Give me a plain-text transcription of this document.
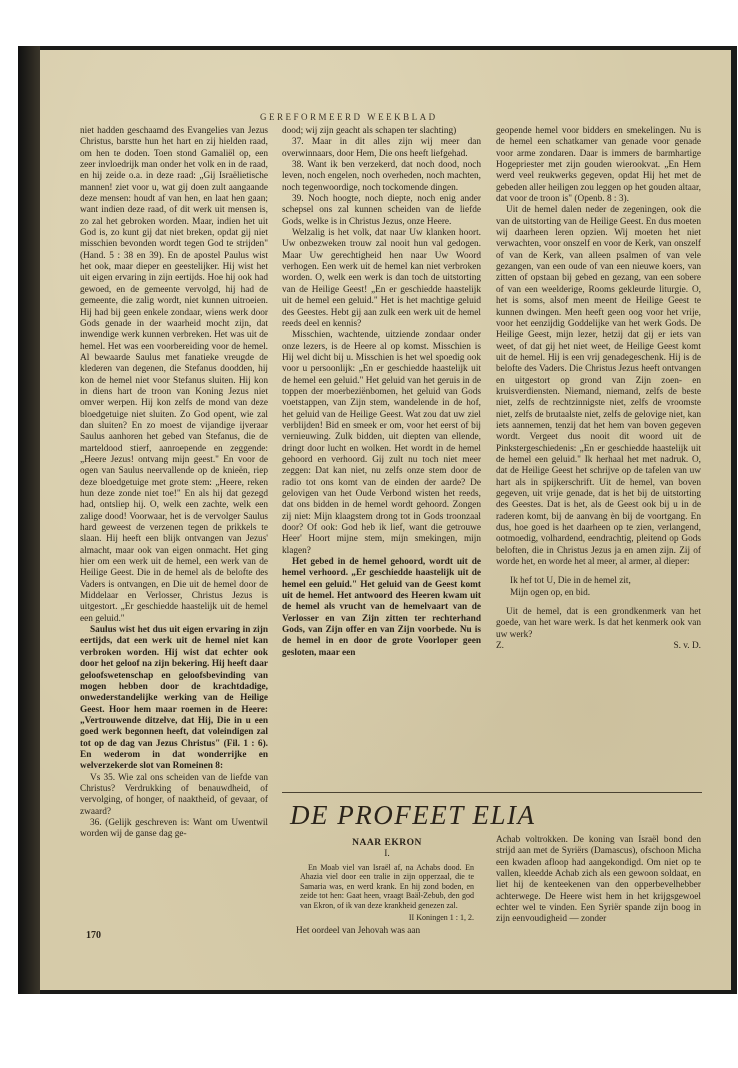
GEREFORMEERD WEEKBLAD

niet hadden geschaamd des Evangelies van Jezus Christus, barstte hun het hart en zij hielden raad, om hen te doden. Toen stond Gamaliël op, een zeer invloedrijk man onder het volk en in de raad, en hij zeide o.a. in deze raad: „Gij Israëlietische mannen! ziet voor u, wat gij doen zult aangaande deze mensen: houdt af van hen, en laat hen gaan; want indien deze raad, of dit werk uit mensen is, zo zal het gebroken worden. Maar, indien het uit God is, zo kunt gij dat niet breken, opdat gij niet misschien bevonden wordt tegen God te strijden" (Hand. 5 : 38 en 39). En de apostel Paulus wist het ook, maar dieper en geestelijker. Hij wist het uit eigen ervaring in zijn eertijds. Hoe hij ook had gewoed, en de gemeente vervolgd, hij had de gemeente, die zalig wordt, niet kunnen uitroeien. Hij had bij geen enkele zondaar, wiens werk door Gods genade in der waarheid mocht zijn, dat inwendige werk kunnen verbreken. Het was uit de hemel. Het was een voorbereiding voor de hemel. Al bewaarde Saulus met fanatieke vreugde de klederen van degenen, die Stefanus doodden, hij kon de hemel niet voor Stefanus sluiten. Hij kon in diens hart de troon van Koning Jezus niet omver werpen. Hij kon zelfs de mond van deze bloedgetuige niet sluiten. Zo God opent, wie zal dan sluiten? En zo moest de vijandige ijveraar Saulus aanhoren het gebed van Stefanus, die de marteldood stierf, aanroepende en zeggende: „Heere Jezus! ontvang mijn geest." En voor de ogen van Saulus neervallende op de knieën, riep deze bloedgetuige met grote stem: „Heere, reken hun deze zonde niet toe!" En als hij dat gezegd had, ontsliep hij. O, welk een zachte, welk een zalige dood! Voorwaar, het is de vervolger Saulus hard geweest de verzenen tegen de prikkels te slaan. Hij heeft een blijk ontvangen van Jezus' almacht, maar ook van eigen onmacht. Het ging hier om een werk uit de hemel, een werk van de Heilige Geest. Die in de hemel als de belofte des Vaders is ontvangen, en Die uit de hemel door de Middelaar en Verlosser, Christus Jezus is uitgestort. „Er geschiedde haastelijk uit de hemel een geluid."

Saulus wist het dus uit eigen ervaring in zijn eertijds, dat een werk uit de hemel niet kan verbroken worden. Hij wist dat echter ook door het geloof na zijn bekering. Hij heeft daar geloofswetenschap en geloofsbevinding van mogen hebben door de krachtdadige, onwederstandelijke werking van de Heilige Geest. Hoor hem maar roemen in de Heere: „Vertrouwende ditzelve, dat Hij, Die in u een goed werk begonnen heeft, dat voleindigen zal tot op de dag van Jezus Christus" (Fil. 1 : 6). En wederom in dat wonderrijke en welverzekerde slot van Romeinen 8:

Vs 35. Wie zal ons scheiden van de liefde van Christus? Verdrukking of benauwdheid, of vervolging, of honger, of naaktheid, of gevaar, of zwaard?

36. (Gelijk geschreven is: Want om Uwentwil worden wij de ganse dag ge-

dood; wij zijn geacht als schapen ter slachting)

37. Maar in dit alles zijn wij meer dan overwinnaars, door Hem, Die ons heeft liefgehad.

38. Want ik ben verzekerd, dat noch dood, noch leven, noch engelen, noch overheden, noch machten, noch tegenwoordige, noch tockomende dingen.

39. Noch hoogte, noch diepte, noch enig ander schepsel ons zal kunnen scheiden van de liefde Gods, welke is in Christus Jezus, onze Heere.

Welzalig is het volk, dat naar Uw klanken hoort. Uw onbezweken trouw zal nooit hun val gedogen. Maar Uw gerechtigheid hen naar Uw Woord verhogen. Een werk uit de hemel kan niet verbroken worden. O, welk een werk is dan toch de uitstorting van de Heilige Geest! „En er geschiedde haastelijk uit de hemel een geluid." Het is het machtige geluid des Geestes. Hebt gij aan zulk een werk uit de hemel reeds deel en kennis?

Misschien, wachtende, uitziende zondaar onder onze lezers, is de Heere al op komst. Misschien is Hij wel dicht bij u. Misschien is het wel spoedig ook voor u persoonlijk: „En er geschiedde haastelijk uit de hemel een geluid." Het geluid van het geruis in de toppen der moerbeziënbomen, het geluid van Gods voetstappen, van Zijn stem, wandelende in de hof, het geluid van de Heilige Geest. Wat zou dat uw ziel verblijden! Bid en smeek er om, voor het eerst of bij vernieuwing. Zulk bidden, uit diepten van ellende, dringt door lucht en wolken. Het wordt in de hemel gehoord en verhoord. Gij zult nu toch niet meer zeggen: Dat kan niet, nu zelfs onze stem door de radio tot ons komt van de einden der aarde? De gelovigen van het Oude Verbond wisten het reeds, dat ons bidden in de hemel wordt gehoord. Zongen zij niet: Mijn klaagstem drong tot in Gods troonzaal door? Of ook: God heb ik lief, want die getrouwe Heer' Hoort mijne stem, mijn smekingen, mijn klagen?

Het gebed in de hemel gehoord, wordt uit de hemel verhoord. „Er geschiedde haastelijk uit de hemel een geluid." Het geluid van de Geest komt uit de hemel. Het antwoord des Heeren kwam uit de hemel als vrucht van de hemelvaart van de Verlosser en van Zijn zitten ter rechterhand Gods, van Zijn offer en van Zijn voorbede. Nu is de hemel in en door de grote Voorloper geen gesloten, maar een

geopende hemel voor bidders en smekelingen. Nu is de hemel een schatkamer van genade voor genade voor arme zondaren. Daar is immers de barmhartige Hogepriester met zijn gouden wierookvat. „En Hem werd veel reukwerks gegeven, opdat Hij het met de gebeden aller heiligen zou leggen op het gouden altaar, dat voor de troon is" (Openb. 8 : 3).

Uit de hemel dalen neder de zegeningen, ook die van de uitstorting van de Heilige Geest. En dus moeten wij daarheen leren opzien. Wij moeten het niet verwachten, voor onszelf en voor de Kerk, van onszelf of van de Kerk, van alleen psalmen of van vele gezangen, van een oude of van een nieuwe koers, van zitten of opstaan bij gebed en gezang, van een sobere of van een weelderige, Rooms gekleurde liturgie. O, het is soms, alsof men meent de Heilige Geest te kunnen dwingen. Men heeft geen oog voor het vrije, voor het eenzijdig Goddelijke van het werk Gods. De Heilige Geest, mijn lezer, hetzij dat gij er iets van weet, of dat gij het niet weet, de Heilige Geest komt uit de hemel. Hij is een vrij genadegeschenk. Hij is de belofte des Vaders. Die Christus Jezus heeft ontvangen en uitgestort op grond van Zijn zoen- en kruisverdiensten. Niemand, niemand, zelfs de beste niet, zelfs de rechtzinnigste niet, zelfs de vroomste niet, zelfs de brutaalste niet, zelfs de gelovige niet, kan iets aannemen, tenzij dat het hem van boven gegeven wordt. Vergeet dus nooit dit woord uit de Pinkstergeschiedenis: „En er geschiedde haastelijk uit de hemel een geluid." Ik herhaal het met nadruk. O, dat de Heilige Geest het schrijve op de tafelen van uw hart als in spijkerschrift. Uit de hemel, van boven gegeven, uit vrije genade, dat is het bij de uitstorting des Geestes. Dat is het, als de Geest ook bij u in de raderen komt, bij de aanvang èn bij de voortgang. En dus, hoe goed is het daarheen op te zien, verlangend, ootmoedig, volhardend, eendrachtig, pleitend op Gods beloften, die in Christus Jezus ja en amen zijn. Zij of worde het, en worde het al meer, al armer, al dieper:

Ik hef tot U, Die in de hemel zit,
Mijn ogen op, en bid.

Uit de hemel, dat is een grondkenmerk van het goede, van het ware werk. Is dat het kenmerk ook van uw werk?

Z.	S. v. D.

DE PROFEET ELIA
NAAR EKRON
I.
En Moab viel van Israël af, na Achabs dood. En Ahazia viel door een tralie in zijn opperzaal, die te Samaria was, en werd krank. En hij zond boden, en zeide tot hen: Gaat heen, vraagt Baäl-Zebub, den god van Ekron, of ik van deze krankheid genezen zal.
II Koningen 1 : 1, 2.
Het oordeel van Jehovah was aan
Achab voltrokken. De koning van Israël bond den strijd aan met de Syriërs (Damascus), ofschoon Micha een kwaden afloop had aangekondigd. Om niet op te vallen, kleedde Achab zich als een gewoon soldaat, en liet hij de kenteekenen van den opperbevelhebber achterwege. De Heere wist hem in het krijgsgewoel echter wel te vinden. Een Syriër spande zijn boog in zijn eenvoudigheid — zonder
170
